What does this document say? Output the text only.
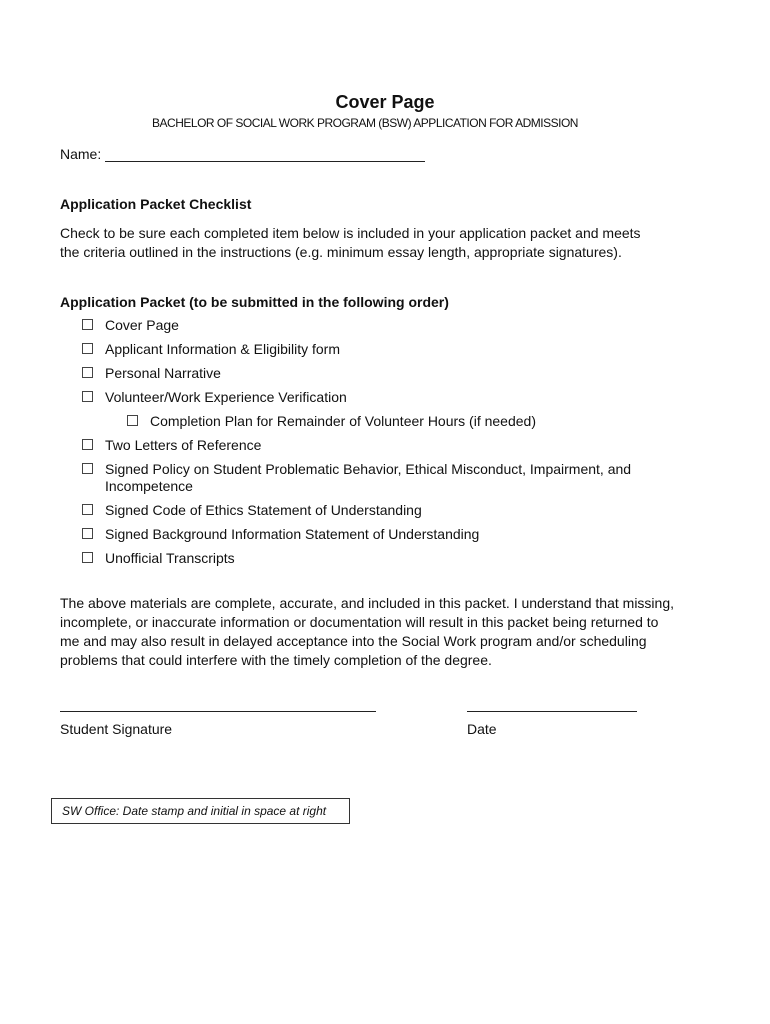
Cover Page
BACHELOR OF SOCIAL WORK PROGRAM (BSW) APPLICATION FOR ADMISSION
Name:
Application Packet Checklist
Check to be sure each completed item below is included in your application packet and meets the criteria outlined in the instructions (e.g. minimum essay length, appropriate signatures).
Application Packet (to be submitted in the following order)
Cover Page
Applicant Information & Eligibility form
Personal Narrative
Volunteer/Work Experience Verification
Completion Plan for Remainder of Volunteer Hours (if needed)
Two Letters of Reference
Signed Policy on Student Problematic Behavior, Ethical Misconduct, Impairment, and Incompetence
Signed Code of Ethics Statement of Understanding
Signed Background Information Statement of Understanding
Unofficial Transcripts
The above materials are complete, accurate, and included in this packet. I understand that missing, incomplete, or inaccurate information or documentation will result in this packet being returned to me and may also result in delayed acceptance into the Social Work program and/or scheduling problems that could interfere with the timely completion of the degree.
Student Signature	Date
SW Office: Date stamp and initial in space at right
